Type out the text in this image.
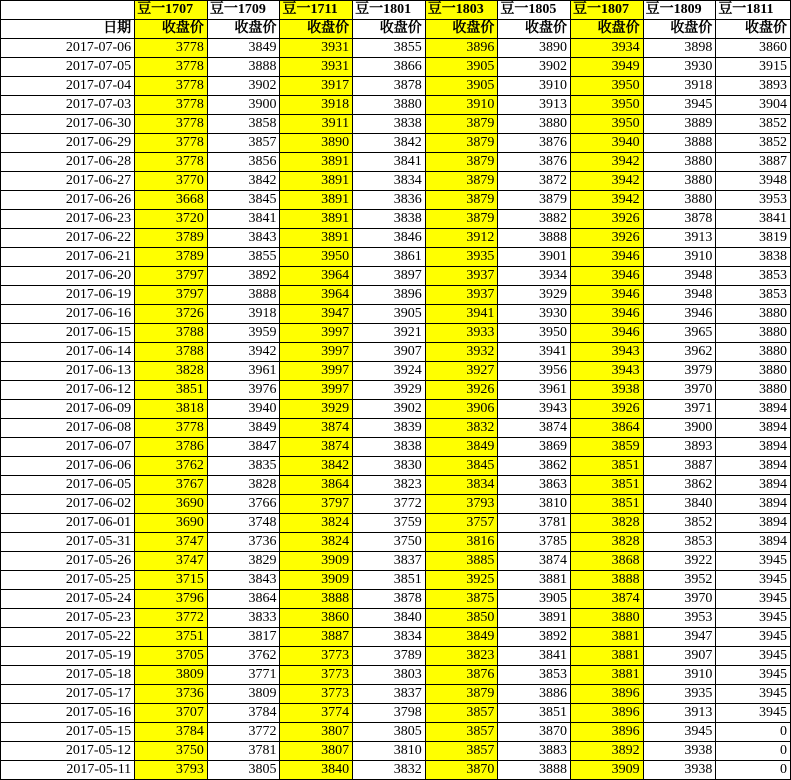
	豆一1707	豆一1709	豆一1711	豆一1801	豆一1803	豆一1805	豆一1807	豆一1809	豆一1811
日期	收盘价	收盘价	收盘价	收盘价	收盘价	收盘价	收盘价	收盘价	收盘价
2017-07-06	3778	3849	3931	3855	3896	3890	3934	3898	3860
2017-07-05	3778	3888	3931	3866	3905	3902	3949	3930	3915
2017-07-04	3778	3902	3917	3878	3905	3910	3950	3918	3893
2017-07-03	3778	3900	3918	3880	3910	3913	3950	3945	3904
2017-06-30	3778	3858	3911	3838	3879	3880	3950	3889	3852
2017-06-29	3778	3857	3890	3842	3879	3876	3940	3888	3852
2017-06-28	3778	3856	3891	3841	3879	3876	3942	3880	3887
2017-06-27	3770	3842	3891	3834	3879	3872	3942	3880	3948
2017-06-26	3668	3845	3891	3836	3879	3879	3942	3880	3953
2017-06-23	3720	3841	3891	3838	3879	3882	3926	3878	3841
2017-06-22	3789	3843	3891	3846	3912	3888	3926	3913	3819
2017-06-21	3789	3855	3950	3861	3935	3901	3946	3910	3838
2017-06-20	3797	3892	3964	3897	3937	3934	3946	3948	3853
2017-06-19	3797	3888	3964	3896	3937	3929	3946	3948	3853
2017-06-16	3726	3918	3947	3905	3941	3930	3946	3946	3880
2017-06-15	3788	3959	3997	3921	3933	3950	3946	3965	3880
2017-06-14	3788	3942	3997	3907	3932	3941	3943	3962	3880
2017-06-13	3828	3961	3997	3924	3927	3956	3943	3979	3880
2017-06-12	3851	3976	3997	3929	3926	3961	3938	3970	3880
2017-06-09	3818	3940	3929	3902	3906	3943	3926	3971	3894
2017-06-08	3778	3849	3874	3839	3832	3874	3864	3900	3894
2017-06-07	3786	3847	3874	3838	3849	3869	3859	3893	3894
2017-06-06	3762	3835	3842	3830	3845	3862	3851	3887	3894
2017-06-05	3767	3828	3864	3823	3834	3863	3851	3862	3894
2017-06-02	3690	3766	3797	3772	3793	3810	3851	3840	3894
2017-06-01	3690	3748	3824	3759	3757	3781	3828	3852	3894
2017-05-31	3747	3736	3824	3750	3816	3785	3828	3853	3894
2017-05-26	3747	3829	3909	3837	3885	3874	3868	3922	3945
2017-05-25	3715	3843	3909	3851	3925	3881	3888	3952	3945
2017-05-24	3796	3864	3888	3878	3875	3905	3874	3970	3945
2017-05-23	3772	3833	3860	3840	3850	3891	3880	3953	3945
2017-05-22	3751	3817	3887	3834	3849	3892	3881	3947	3945
2017-05-19	3705	3762	3773	3789	3823	3841	3881	3907	3945
2017-05-18	3809	3771	3773	3803	3876	3853	3881	3910	3945
2017-05-17	3736	3809	3773	3837	3879	3886	3896	3935	3945
2017-05-16	3707	3784	3774	3798	3857	3851	3896	3913	3945
2017-05-15	3784	3772	3807	3805	3857	3870	3896	3945	0
2017-05-12	3750	3781	3807	3810	3857	3883	3892	3938	0
2017-05-11	3793	3805	3840	3832	3870	3888	3909	3938	0
